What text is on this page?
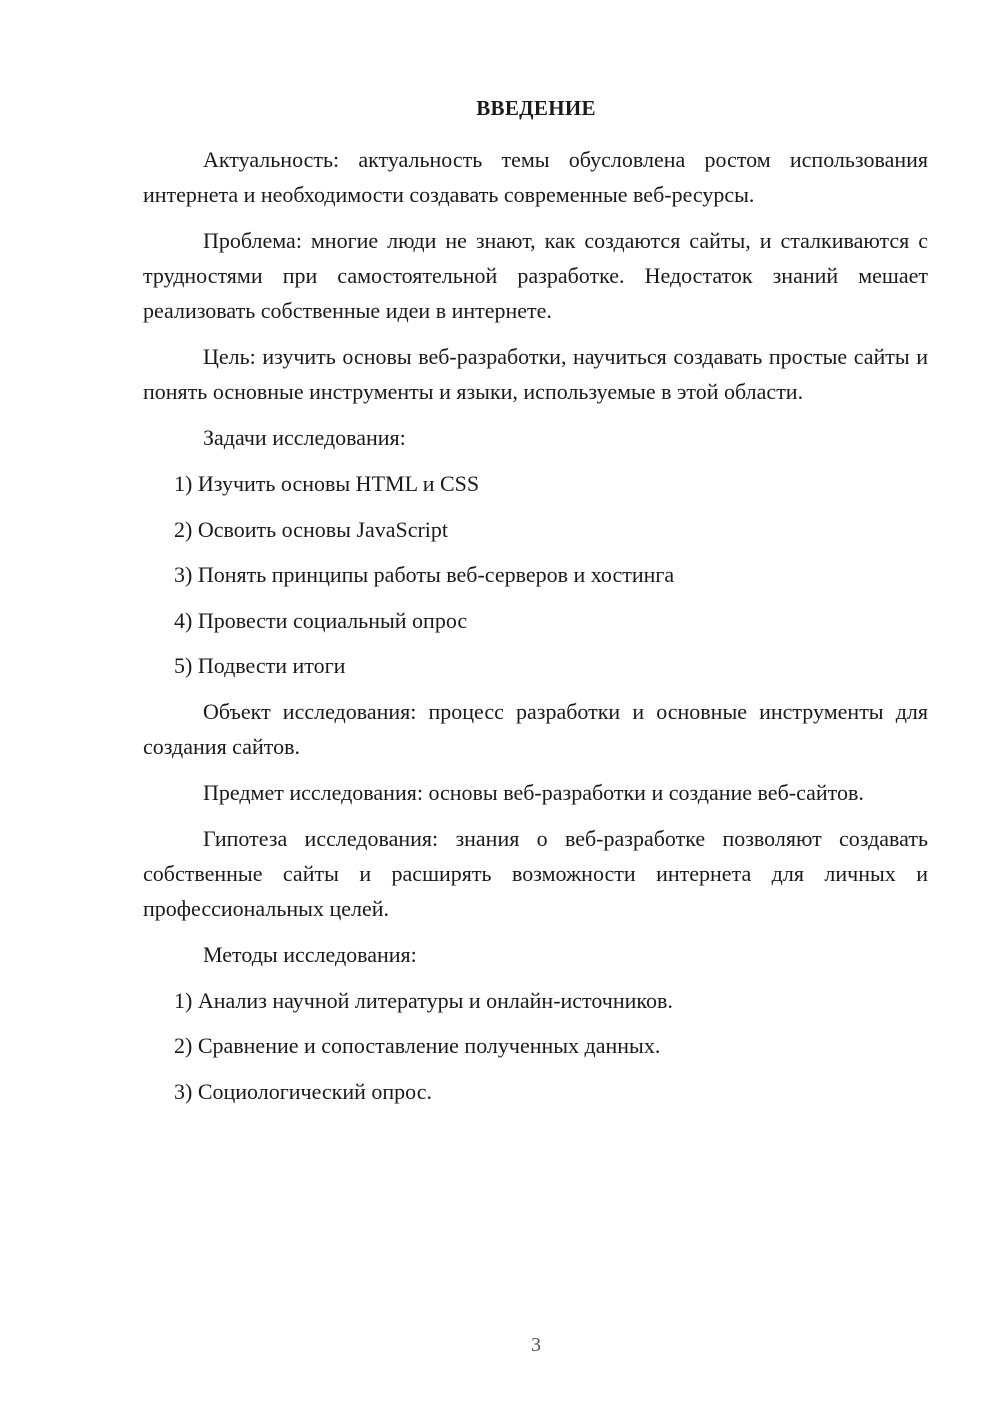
ВВЕДЕНИЕ

Актуальность: актуальность темы обусловлена ростом использования интернета и необходимости создавать современные веб-ресурсы.

Проблема: многие люди не знают, как создаются сайты, и сталкиваются с трудностями при самостоятельной разработке. Недостаток знаний мешает реализовать собственные идеи в интернете.

Цель: изучить основы веб-разработки, научиться создавать простые сайты и понять основные инструменты и языки, используемые в этой области.

Задачи исследования:

1) Изучить основы HTML и CSS
2) Освоить основы JavaScript
3) Понять принципы работы веб-серверов и хостинга
4) Провести социальный опрос
5) Подвести итоги

Объект исследования: процесс разработки и основные инструменты для создания сайтов.

Предмет исследования: основы веб-разработки и создание веб-сайтов.

Гипотеза исследования: знания о веб-разработке позволяют создавать собственные сайты и расширять возможности интернета для личных и профессиональных целей.

Методы исследования:

1) Анализ научной литературы и онлайн-источников.
2) Сравнение и сопоставление полученных данных.
3) Социологический опрос.
3
